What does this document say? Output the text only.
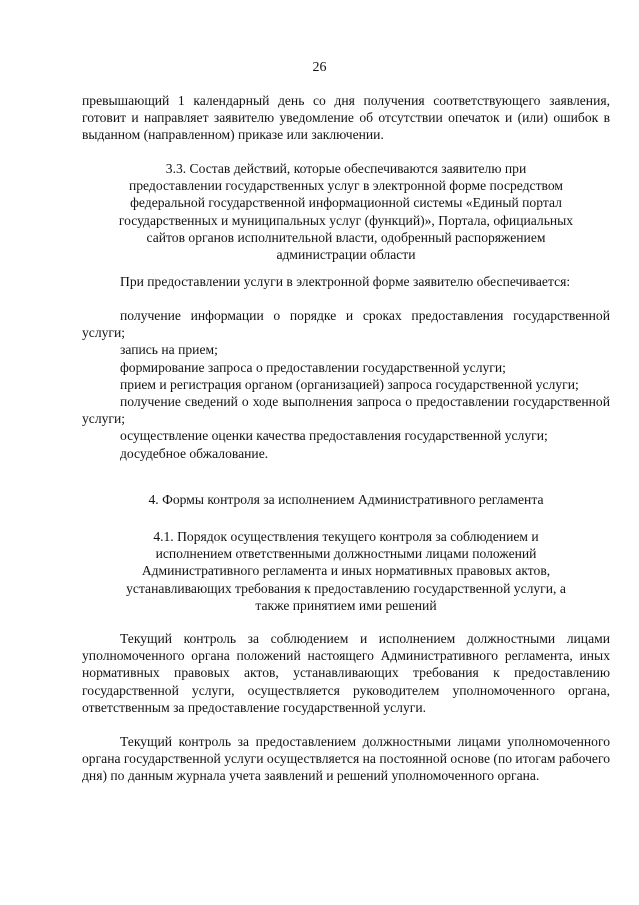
26

превышающий 1 календарный день со дня получения соответствующего заявления, готовит и направляет заявителю уведомление об отсутствии опечаток и (или) ошибок в выданном (направленном) приказе или заключении.

3.3. Состав действий, которые обеспечиваются заявителю при
предоставлении государственных услуг в электронной форме посредством
федеральной государственной информационной системы «Единый портал
государственных и муниципальных услуг (функций)», Портала, официальных
сайтов органов исполнительной власти, одобренный распоряжением
администрации области

При предоставлении услуги в электронной форме заявителю обеспечивается:

получение информации о порядке и сроках предоставления государственной услуги;

запись на прием;

формирование запроса о предоставлении государственной услуги;

прием и регистрация органом (организацией) запроса государственной услуги;

получение сведений о ходе выполнения запроса о предоставлении государственной услуги;

осуществление оценки качества предоставления государственной услуги;

досудебное обжалование.

4. Формы контроля за исполнением Административного регламента
4.1. Порядок осуществления текущего контроля за соблюдением и
исполнением ответственными должностными лицами положений
Административного регламента и иных нормативных правовых актов,
устанавливающих требования к предоставлению государственной услуги, а
также принятием ими решений

Текущий контроль за соблюдением и исполнением должностными лицами уполномоченного органа положений настоящего Административного регламента, иных нормативных правовых актов, устанавливающих требования к предоставлению государственной услуги, осуществляется руководителем уполномоченного органа, ответственным за предоставление государственной услуги.

Текущий контроль за предоставлением должностными лицами уполномоченного органа государственной услуги осуществляется на постоянной основе (по итогам рабочего дня) по данным журнала учета заявлений и решений уполномоченного органа.
